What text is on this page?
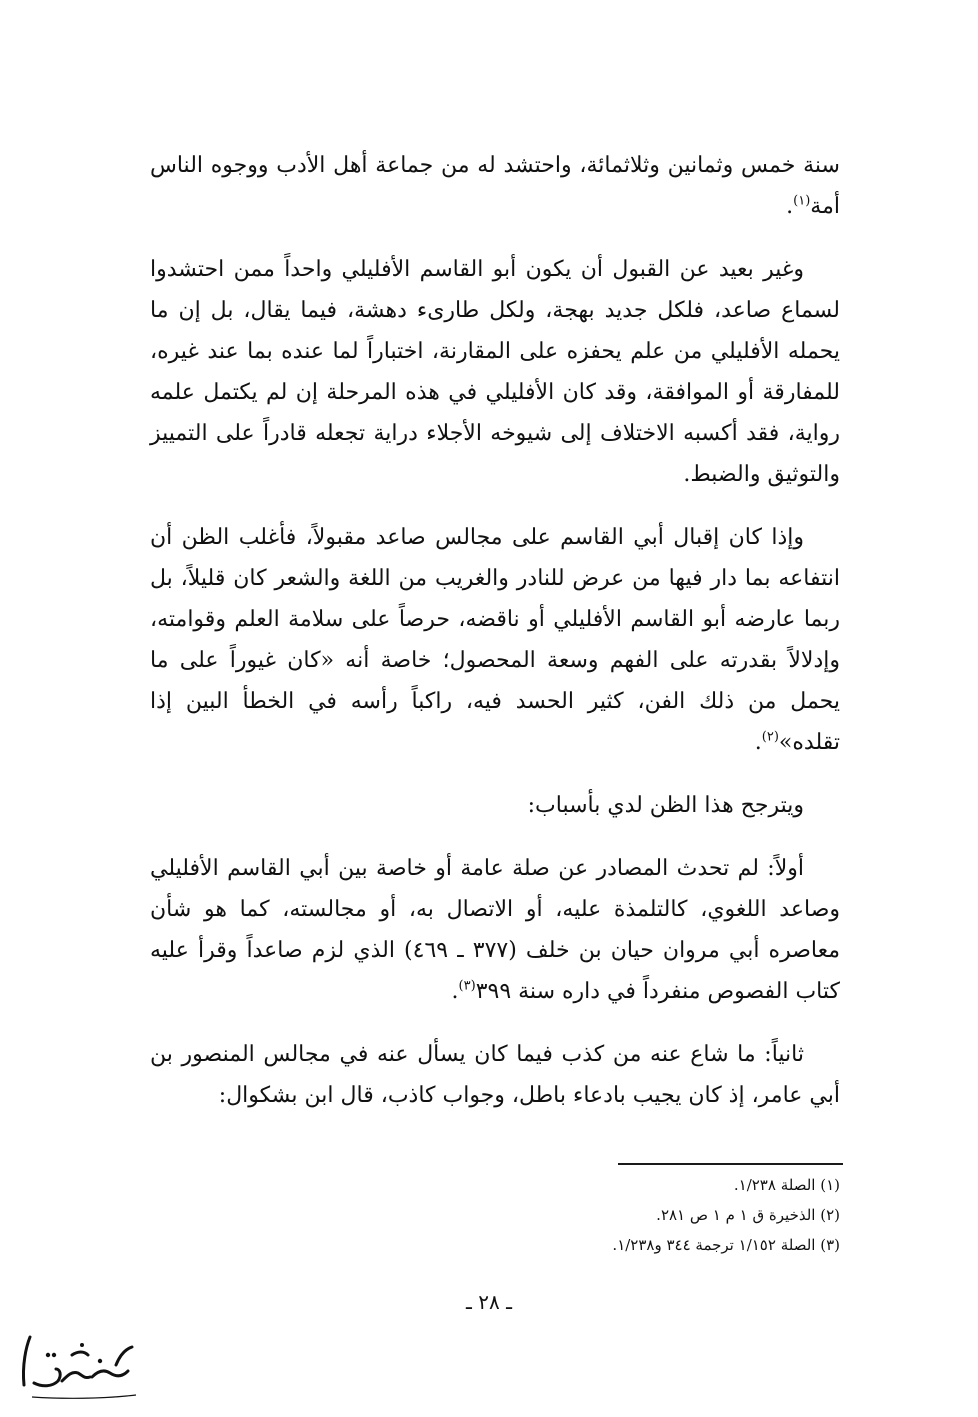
سنة خمس وثمانين وثلاثمائة، واحتشد له من جماعة أهل الأدب ووجوه الناس أمة$^{(١)}$.

وغير بعيد عن القبول أن يكون أبو القاسم الأفليلي واحداً ممن احتشدوا لسماع صاعد، فلكل جديد بهجة، ولكل طارىء دهشة، فيما يقال، بل إن ما يحمله الأفليلي من علم يحفزه على المقارنة، اختباراً لما عنده بما عند غيره، للمفارقة أو الموافقة، وقد كان الأفليلي في هذه المرحلة إن لم يكتمل علمه رواية، فقد أكسبه الاختلاف إلى شيوخه الأجلاء دراية تجعله قادراً على التمييز والتوثيق والضبط.

وإذا كان إقبال أبي القاسم على مجالس صاعد مقبولاً، فأغلب الظن أن انتفاعه بما دار فيها من عرض للنادر والغريب من اللغة والشعر كان قليلاً، بل ربما عارضه أبو القاسم الأفليلي أو ناقضه، حرصاً على سلامة العلم وقوامته، وإدلالاً بقدرته على الفهم وسعة المحصول؛ خاصة أنه «كان غيوراً على ما يحمل من ذلك الفن، كثير الحسد فيه، راكباً رأسه في الخطأ البين إذا تقلده»$^{(٢)}$.

ويترجح هذا الظن لدي بأسباب:

أولاً: لم تحدث المصادر عن صلة عامة أو خاصة بين أبي القاسم الأفليلي وصاعد اللغوي، كالتلمذة عليه، أو الاتصال به، أو مجالسته، كما هو شأن معاصره أبي مروان حيان بن خلف (٣٧٧ ـ ٤٦٩) الذي لزم صاعداً وقرأ عليه كتاب الفصوص منفرداً في داره سنة ٣٩٩$^{(٣)}$.

ثانياً: ما شاع عنه من كذب فيما كان يسأل عنه في مجالس المنصور بن أبي عامر، إذ كان يجيب بادعاء باطل، وجواب كاذب، قال ابن بشكوال:

(١) الصلة ١/٢٣٨.
(٢) الذخيرة ق ١ م ١ ص ٢٨١.
(٣) الصلة ١/١٥٢ ترجمة ٣٤٤ و١/٢٣٨.
ـ ٢٨ ـ
